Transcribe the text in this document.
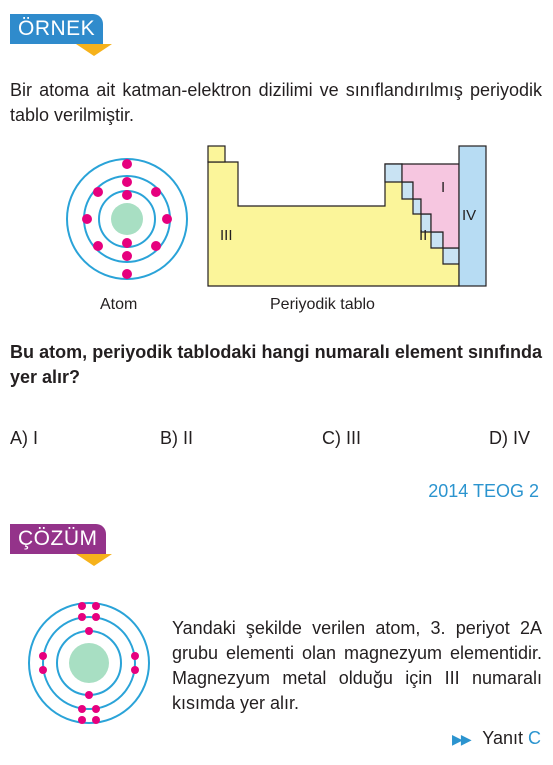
ÖRNEK
Bir atoma ait katman-elektron dizilimi ve sınıflandırılmış periyodik tablo verilmiştir.
Atom
I
II
III
IV
Periyodik tablo
Bu atom, periyodik tablodaki hangi numaralı element sınıfında yer alır?
A) I	B) II	C) III	D) IV
2014 TEOG 2
ÇÖZÜM
Yandaki şekilde verilen atom, 3. periyot 2A grubu elementi olan magnezyum elementidir. Magnezyum metal olduğu için III numaralı kısımda yer alır.
▶▶ Yanıt C
